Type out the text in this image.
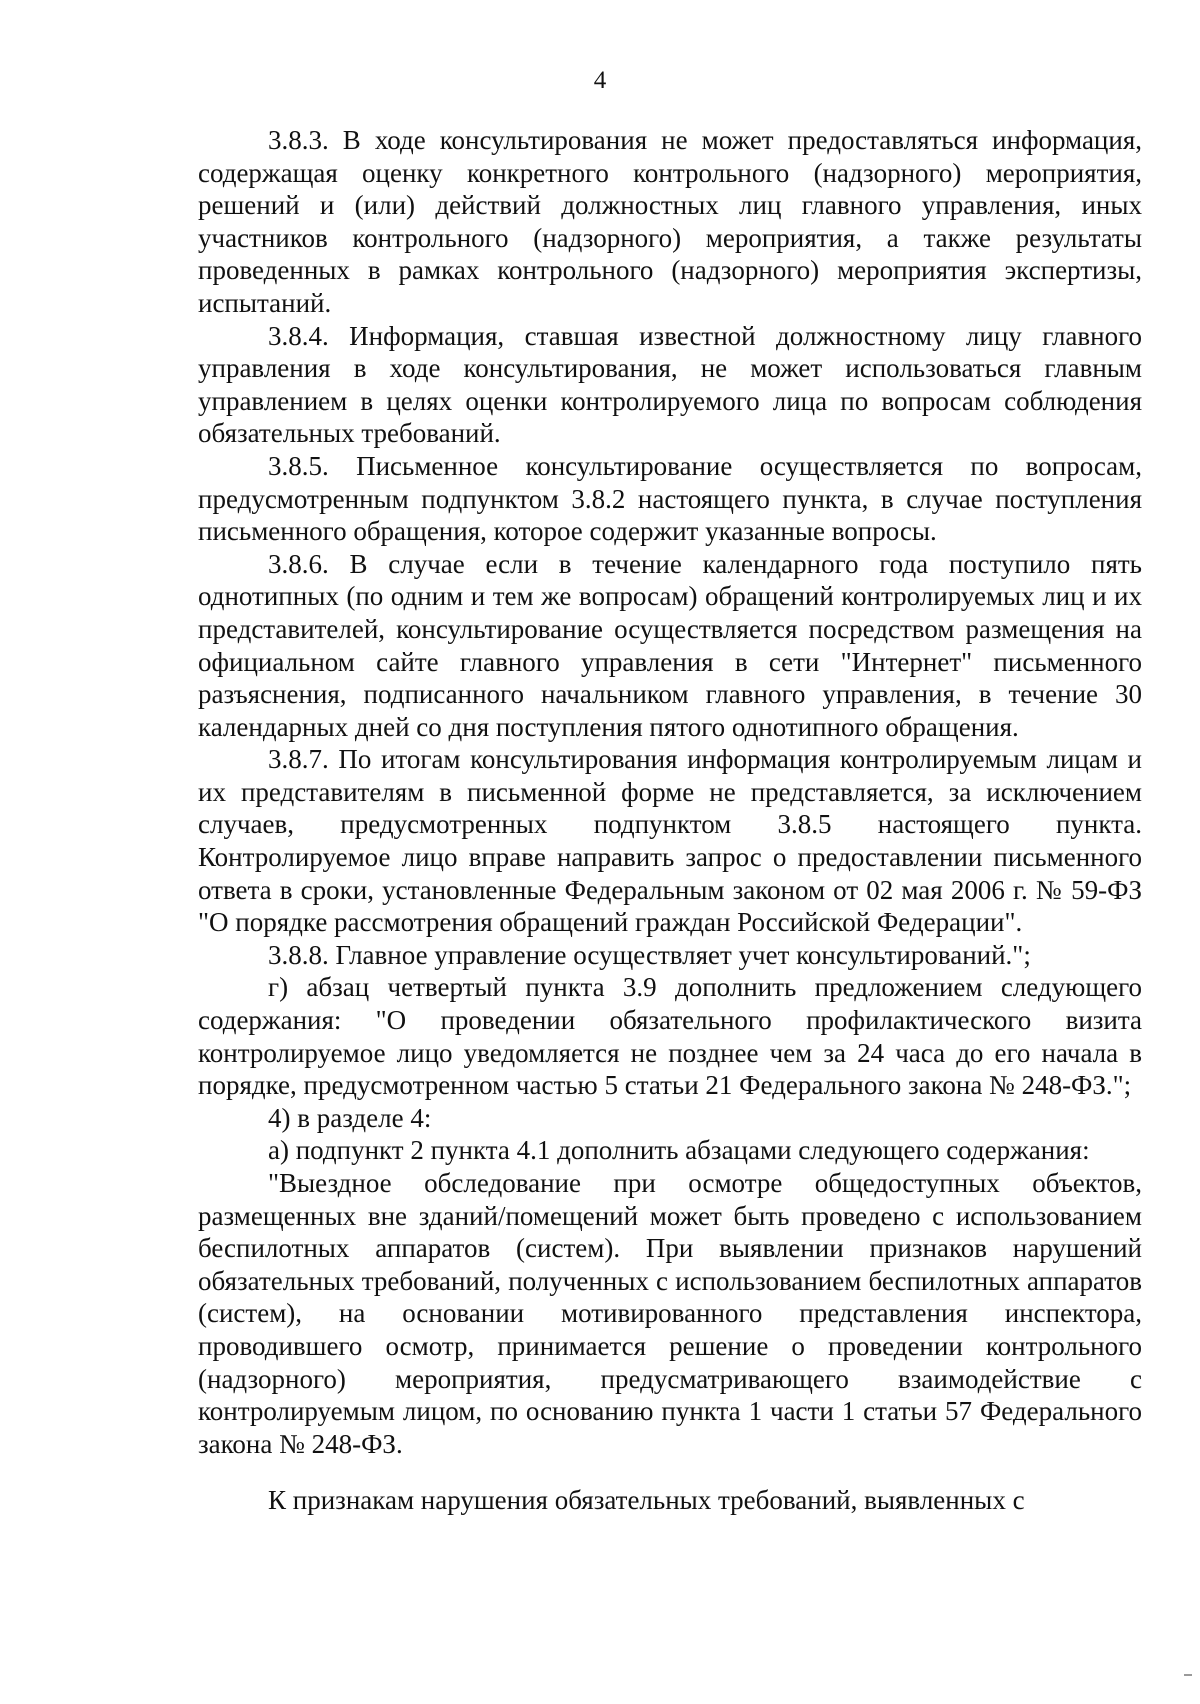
4

3.8.3. В ходе консультирования не может предоставляться информация, содержащая оценку конкретного контрольного (надзорного) мероприятия, решений и (или) действий должностных лиц главного управления, иных участников контрольного (надзорного) мероприятия, а также результаты проведенных в рамках контрольного (надзорного) мероприятия экспертизы, испытаний.

3.8.4. Информация, ставшая известной должностному лицу главного управления в ходе консультирования, не может использоваться главным управлением в целях оценки контролируемого лица по вопросам соблюдения обязательных требований.

3.8.5. Письменное консультирование осуществляется по вопросам, предусмотренным подпунктом 3.8.2 настоящего пункта, в случае поступления письменного обращения, которое содержит указанные вопросы.

3.8.6. В случае если в течение календарного года поступило пять однотипных (по одним и тем же вопросам) обращений контролируемых лиц и их представителей, консультирование осуществляется посредством размещения на официальном сайте главного управления в сети "Интернет" письменного разъяснения, подписанного начальником главного управления, в течение 30 календарных дней со дня поступления пятого однотипного обращения.

3.8.7. По итогам консультирования информация контролируемым лицам и их представителям в письменной форме не представляется, за исключением случаев, предусмотренных подпунктом 3.8.5 настоящего пункта. Контролируемое лицо вправе направить запрос о предоставлении письменного ответа в сроки, установленные Федеральным законом от 02 мая 2006 г. № 59-ФЗ "О порядке рассмотрения обращений граждан Российской Федерации".

3.8.8. Главное управление осуществляет учет консультирований.";

г) абзац четвертый пункта 3.9 дополнить предложением следующего содержания: "О проведении обязательного профилактического визита контролируемое лицо уведомляется не позднее чем за 24 часа до его начала в порядке, предусмотренном частью 5 статьи 21 Федерального закона № 248-ФЗ.";

4) в разделе 4:

а) подпункт 2 пункта 4.1 дополнить абзацами следующего содержания:

"Выездное обследование при осмотре общедоступных объектов, размещенных вне зданий/помещений может быть проведено с использованием беспилотных аппаратов (систем). При выявлении признаков нарушений обязательных требований, полученных с использованием беспилотных аппаратов (систем), на основании мотивированного представления инспектора, проводившего осмотр, принимается решение о проведении контрольного (надзорного) мероприятия, предусматривающего взаимодействие с контролируемым лицом, по основанию пункта 1 части 1 статьи 57 Федерального закона № 248-ФЗ.

К признакам нарушения обязательных требований, выявленных с
